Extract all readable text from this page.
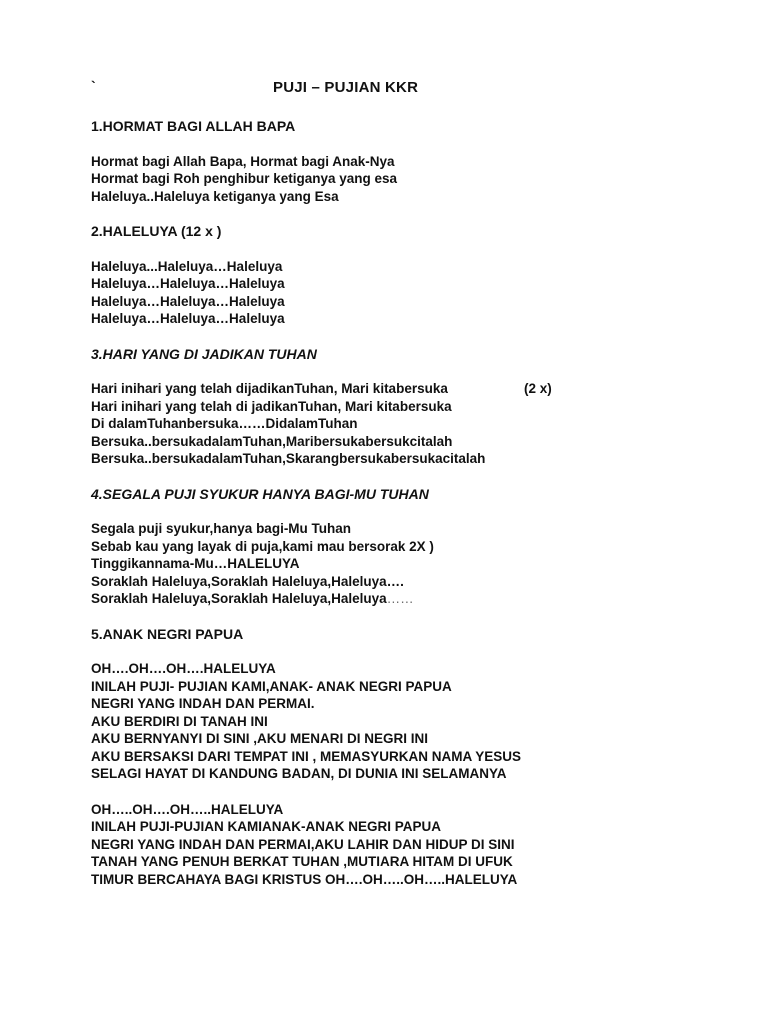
`	PUJI – PUJIAN KKR
1.HORMAT BAGI ALLAH BAPA
Hormat bagi Allah Bapa, Hormat bagi Anak-Nya
Hormat bagi Roh penghibur ketiganya yang esa
Haleluya..Haleluya ketiganya yang Esa
2.HALELUYA (12 x )
Haleluya...Haleluya…Haleluya
Haleluya…Haleluya…Haleluya
Haleluya…Haleluya…Haleluya
Haleluya…Haleluya…Haleluya
3.HARI YANG DI JADIKAN TUHAN
Hari inihari yang telah dijadikanTuhan, Mari kitabersuka	(2 x)
Hari inihari yang telah di jadikanTuhan, Mari kitabersuka
Di dalamTuhanbersuka……DidalamTuhan
Bersuka..bersukadalamTuhan,Maribersukabersukcitalah
Bersuka..bersukadalamTuhan,Skarangbersukabersukacitalah
4.SEGALA PUJI SYUKUR HANYA BAGI-MU TUHAN
Segala puji syukur,hanya bagi-Mu Tuhan
Sebab kau yang layak di puja,kami mau bersorak 2X )
Tinggikannama-Mu…HALELUYA
Soraklah Haleluya,Soraklah Haleluya,Haleluya….
Soraklah Haleluya,Soraklah Haleluya,Haleluya……
5.ANAK NEGRI PAPUA
OH….OH….OH….HALELUYA
INILAH PUJI- PUJIAN KAMI,ANAK- ANAK NEGRI PAPUA
NEGRI YANG INDAH DAN PERMAI.
AKU BERDIRI DI TANAH INI
AKU BERNYANYI DI SINI ,AKU MENARI DI NEGRI INI
AKU BERSAKSI DARI TEMPAT INI , MEMASYURKAN NAMA YESUS
SELAGI HAYAT DI KANDUNG BADAN, DI DUNIA INI SELAMANYA
OH…..OH….OH…..HALELUYA
INILAH PUJI-PUJIAN KAMIANAK-ANAK NEGRI PAPUA
NEGRI YANG INDAH DAN PERMAI,AKU LAHIR DAN HIDUP DI SINI
TANAH YANG PENUH BERKAT TUHAN ,MUTIARA HITAM DI UFUK
TIMUR BERCAHAYA BAGI KRISTUS OH….OH…..OH…..HALELUYA
